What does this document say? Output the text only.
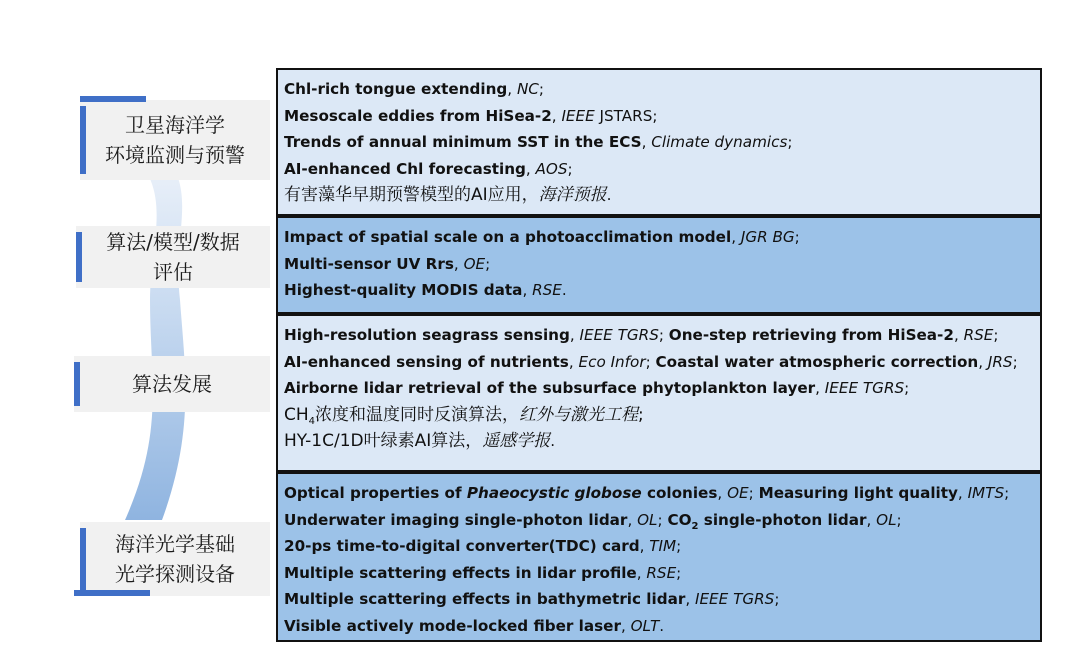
卫星海洋学
环境监测与预警
算法/模型/数据
评估
算法发展
海洋光学基础
光学探测设备
Chl-rich tongue extending, NC;
Mesoscale eddies from HiSea-2, IEEE JSTARS;
Trends of annual minimum SST in the ECS, Climate dynamics;
AI-enhanced Chl forecasting, AOS;
有害藻华早期预警模型的AI应用，海洋预报.
Impact of spatial scale on a photoacclimation model, JGR BG;
Multi-sensor UV Rrs, OE;
Highest-quality MODIS data, RSE.
High-resolution seagrass sensing, IEEE TGRS; One-step retrieving from HiSea-2, RSE;
AI-enhanced sensing of nutrients, Eco Infor; Coastal water atmospheric correction, JRS;
Airborne lidar retrieval of the subsurface phytoplankton layer, IEEE TGRS;
$CH_4$浓度和温度同时反演算法，红外与激光工程;
HY-1C/1D叶绿素AI算法，遥感学报.
Optical properties of Phaeocystic globose colonies, OE; Measuring light quality, IMTS;
Underwater imaging single-photon lidar, OL; $CO_2$ single-photon lidar, OL;
20-ps time-to-digital converter(TDC) card, TIM;
Multiple scattering effects in lidar profile, RSE;
Multiple scattering effects in bathymetric lidar, IEEE TGRS;
Visible actively mode-locked fiber laser, OLT.
